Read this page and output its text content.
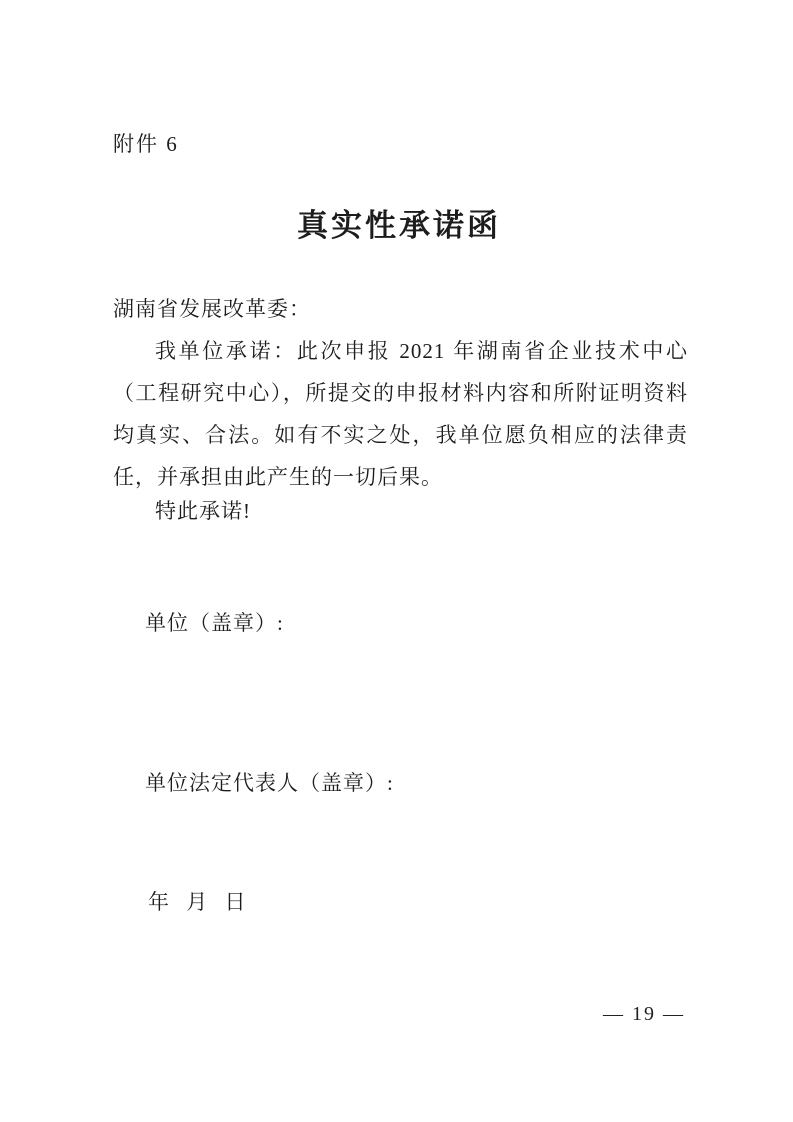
附件 6
真实性承诺函
湖南省发展改革委：

我单位承诺：此次申报 2021 年湖南省企业技术中心（工程研究中心），所提交的申报材料内容和所附证明资料均真实、合法。如有不实之处，我单位愿负相应的法律责任，并承担由此产生的一切后果。

特此承诺!
单位（盖章）:
单位法定代表人（盖章）:
年 月 日
— 19 —
